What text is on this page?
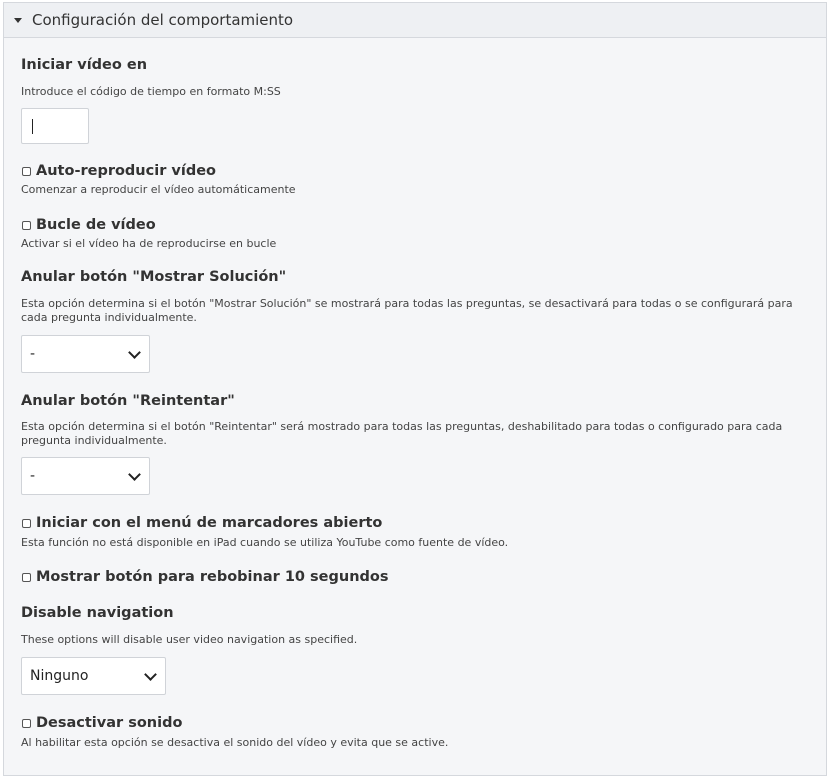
Configuración del comportamiento
Iniciar vídeo en
Introduce el código de tiempo en formato M:SS
Auto-reproducir vídeo
Comenzar a reproducir el vídeo automáticamente
Bucle de vídeo
Activar si el vídeo ha de reproducirse en bucle
Anular botón "Mostrar Solución"
Esta opción determina si el botón "Mostrar Solución" se mostrará para todas las preguntas, se desactivará para todas o se configurará para cada pregunta individualmente.
-
Anular botón "Reintentar"
Esta opción determina si el botón "Reintentar" será mostrado para todas las preguntas, deshabilitado para todas o configurado para cada pregunta individualmente.
-
Iniciar con el menú de marcadores abierto
Esta función no está disponible en iPad cuando se utiliza YouTube como fuente de vídeo.
Mostrar botón para rebobinar 10 segundos
Disable navigation
These options will disable user video navigation as specified.
Ninguno
Desactivar sonido
Al habilitar esta opción se desactiva el sonido del vídeo y evita que se active.
